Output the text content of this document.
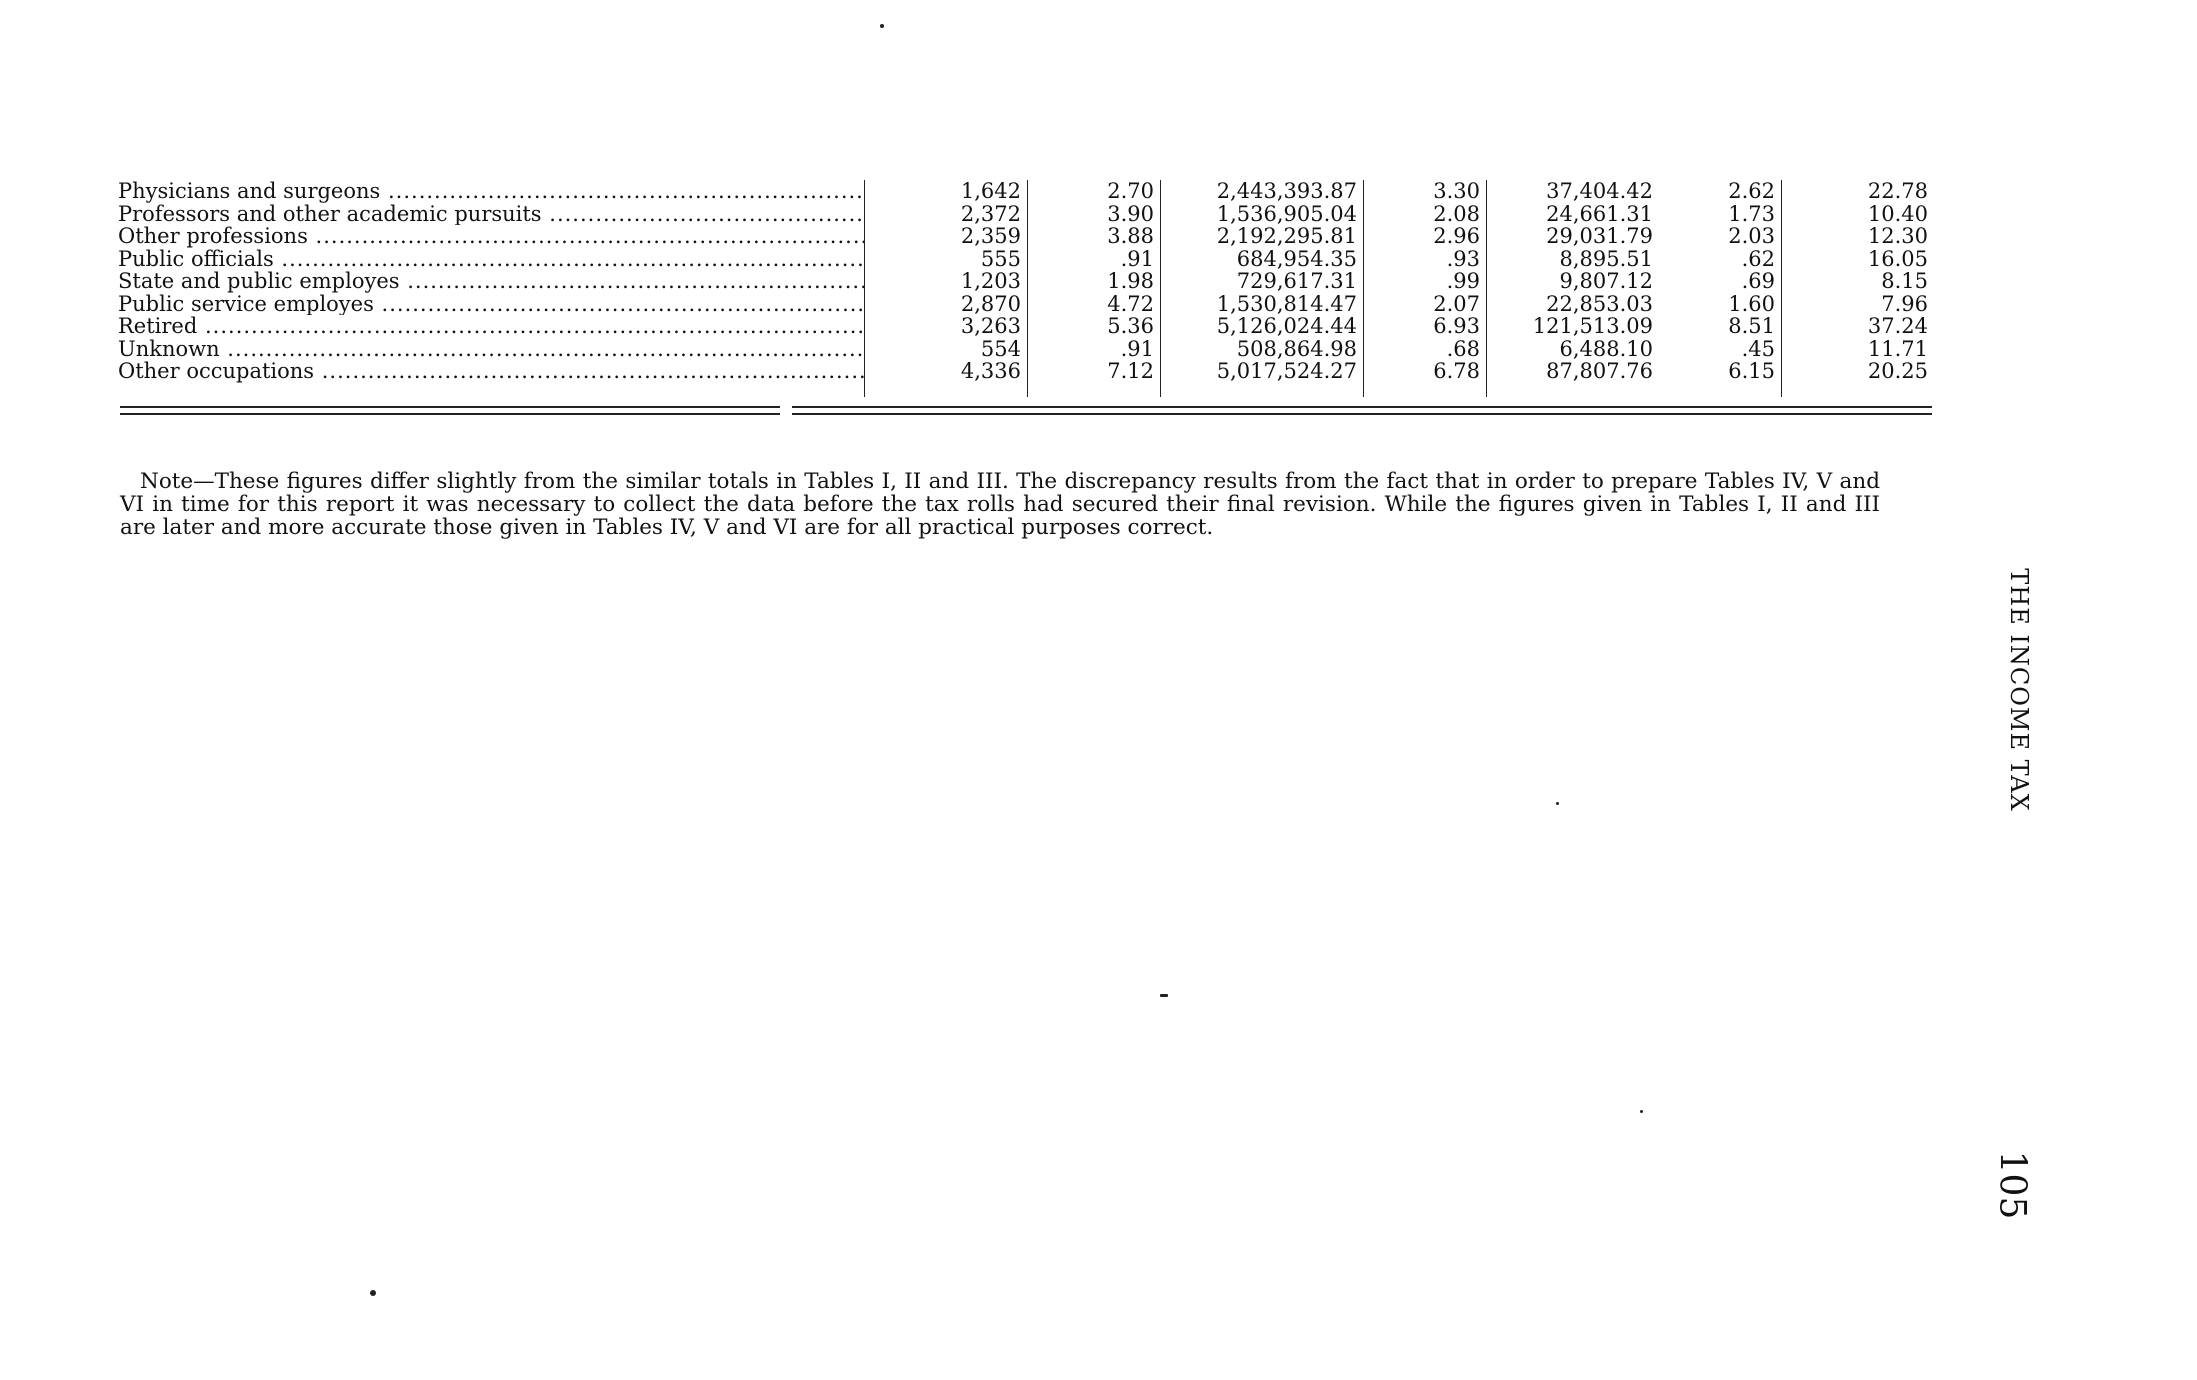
Physicians and surgeons .....	1,642	2.70	2,443,393.87	3.30	37,404.42	2.62	22.78
Professors and other academic pursuits .....	2,372	3.90	1,536,905.04	2.08	24,661.31	1.73	10.40
Other professions .....	2,359	3.88	2,192,295.81	2.96	29,031.79	2.03	12.30
Public officials .....	555	.91	684,954.35	.93	8,895.51	.62	16.05
State and public employes .....	1,203	1.98	729,617.31	.99	9,807.12	.69	8.15
Public service employes .....	2,870	4.72	1,530,814.47	2.07	22,853.03	1.60	7.96
Retired .....	3,263	5.36	5,126,024.44	6.93	121,513.09	8.51	37.24
Unknown .....	554	.91	508,864.98	.68	6,488.10	.45	11.71
Other occupations .....	4,336	7.12	5,017,524.27	6.78	87,807.76	6.15	20.25

Note—These figures differ slightly from the similar totals in Tables I, II and III. The discrepancy results from the fact that in order to prepare Tables IV, V and VI in time for this report it was necessary to collect the data before the tax rolls had secured their final revision. While the figures given in Tables I, II and III are later and more accurate those given in Tables IV, V and VI are for all practical purposes correct.

THE INCOME TAX
105
